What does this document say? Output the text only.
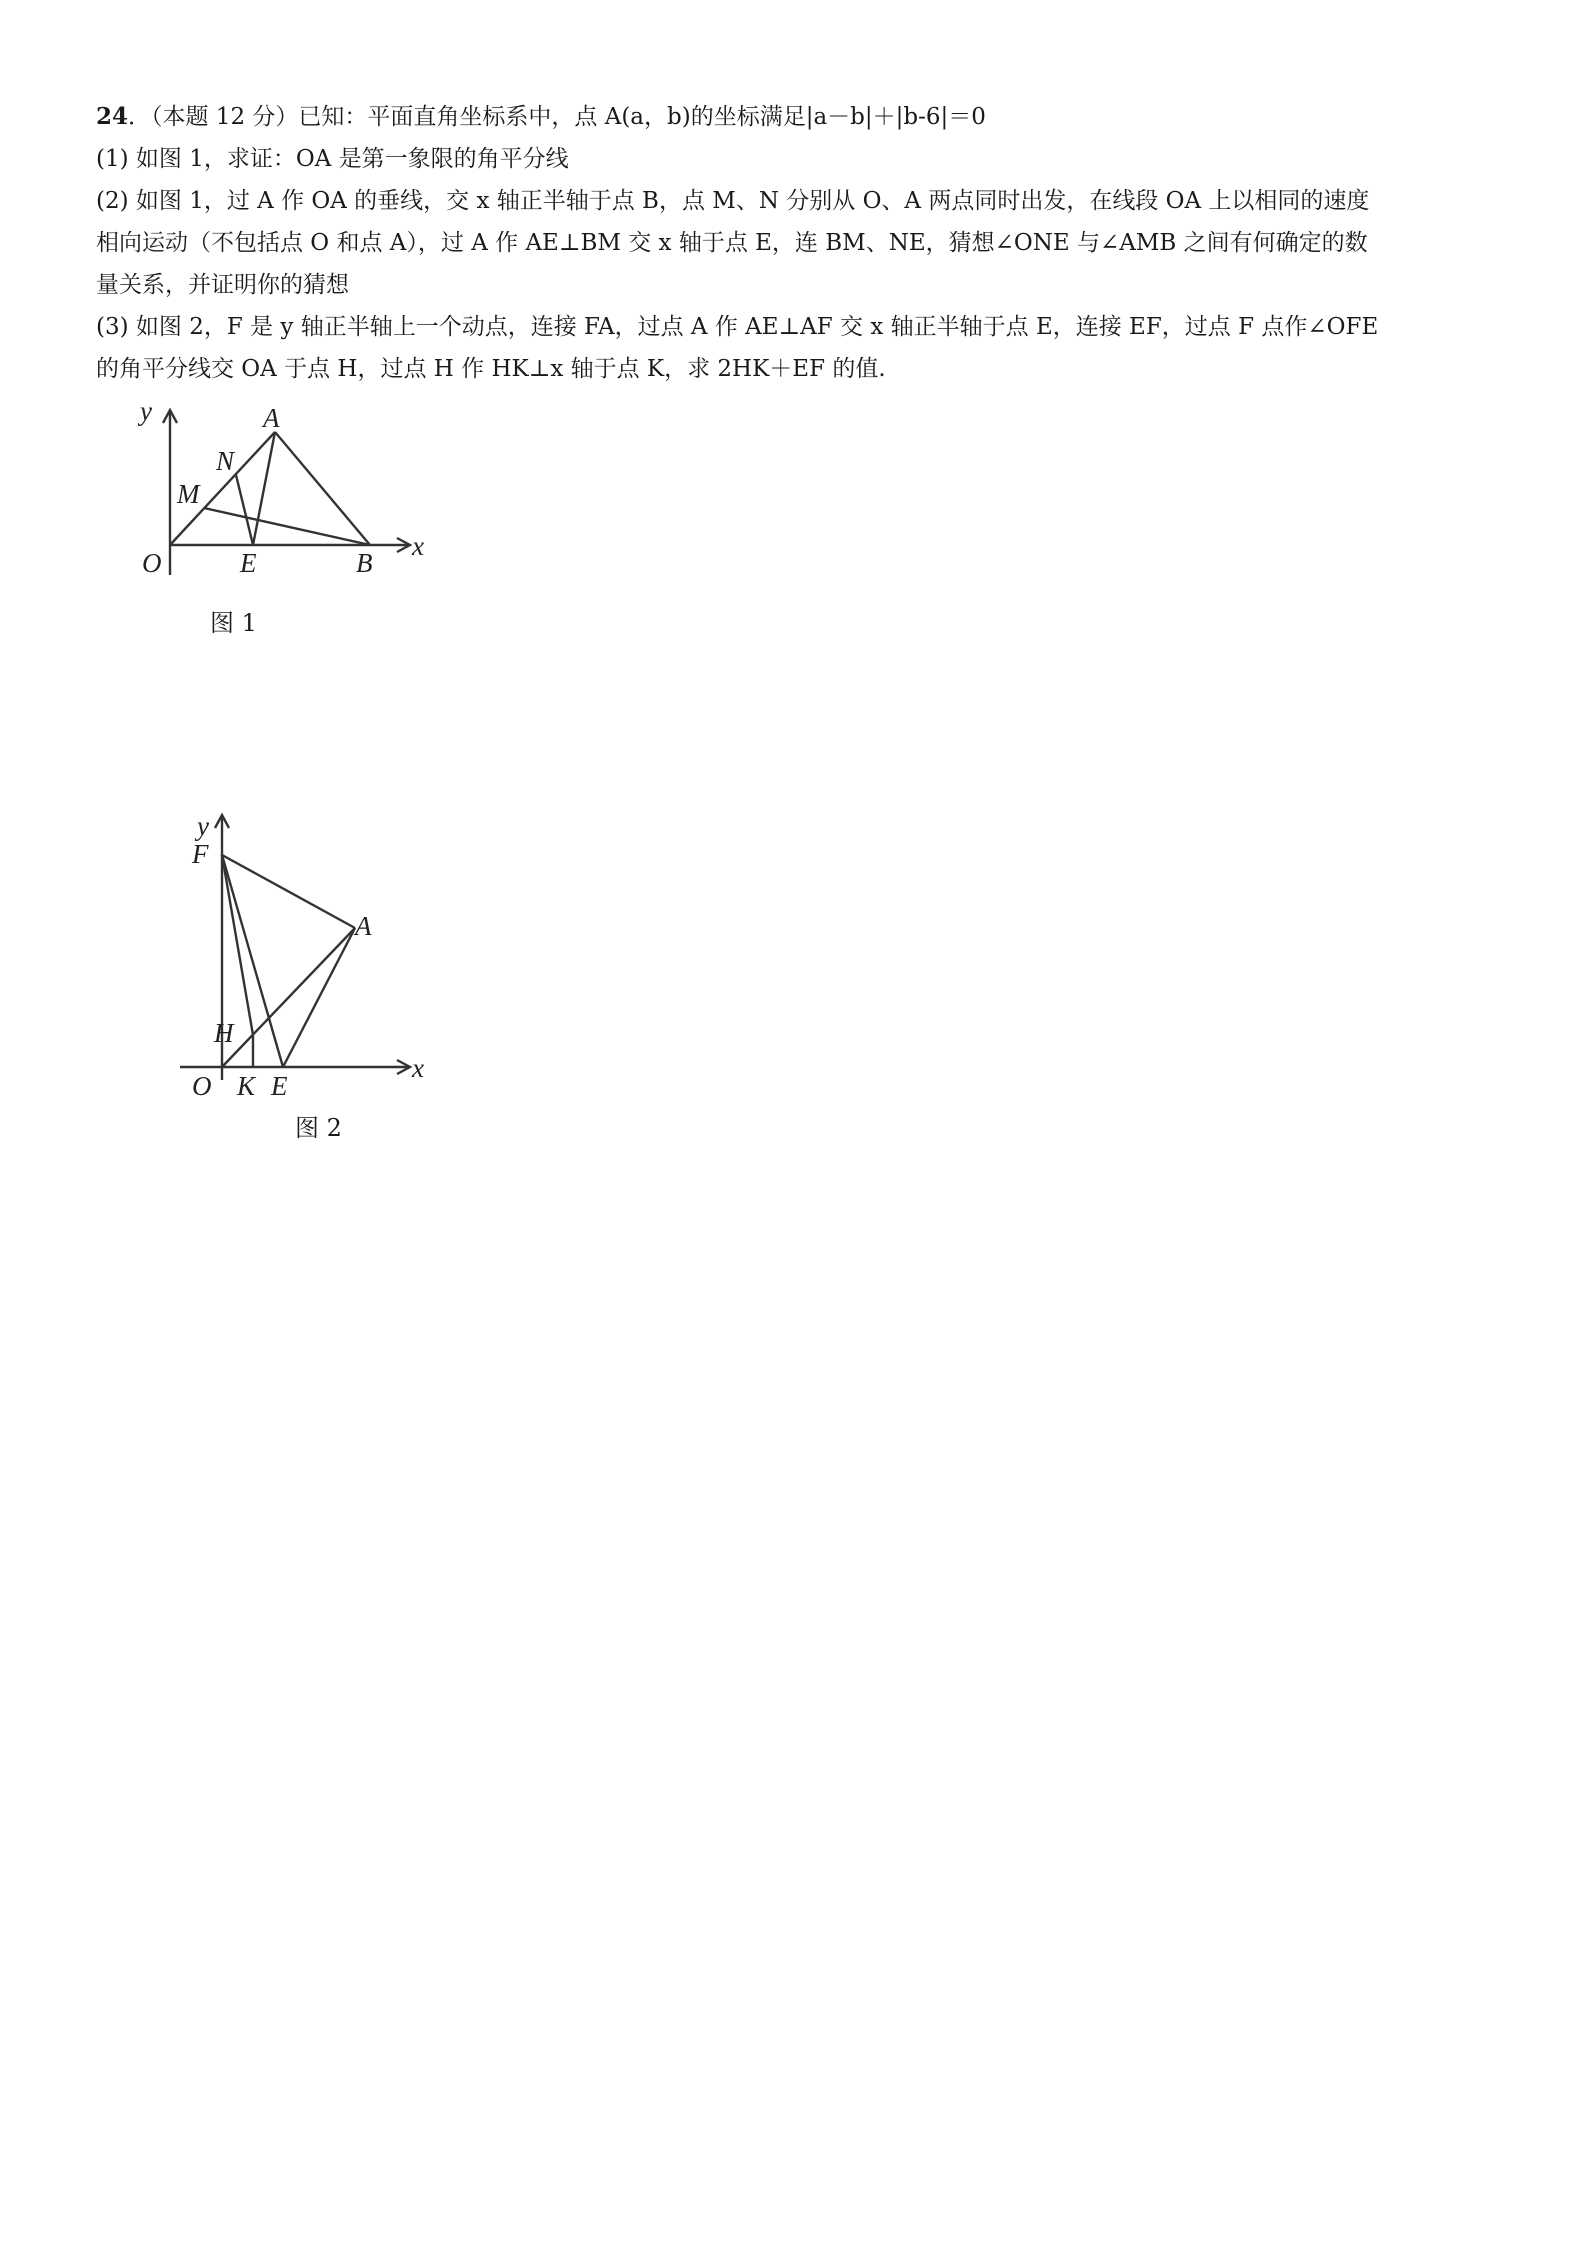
24．（本题 12 分）已知：平面直角坐标系中，点 A(a，b)的坐标满足|a－b|＋|b-6|＝0
(1) 如图 1，求证：OA 是第一象限的角平分线
(2) 如图 1，过 A 作 OA 的垂线，交 x 轴正半轴于点 B，点 M、N 分别从 O、A 两点同时出发，在线段 OA 上以相同的速度
相向运动（不包括点 O 和点 A），过 A 作 AE⊥BM 交 x 轴于点 E，连 BM、NE，猜想∠ONE 与∠AMB 之间有何确定的数
量关系，并证明你的猜想
(3) 如图 2，F 是 y 轴正半轴上一个动点，连接 FA，过点 A 作 AE⊥AF 交 x 轴正半轴于点 E，连接 EF，过点 F 点作∠OFE
的角平分线交 OA 于点 H，过点 H 作 HK⊥x 轴于点 K，求 2HK＋EF 的值.
y
x
O
A
N
M
E	B
图 1
y
x
F
A
H
O K E
图 2
